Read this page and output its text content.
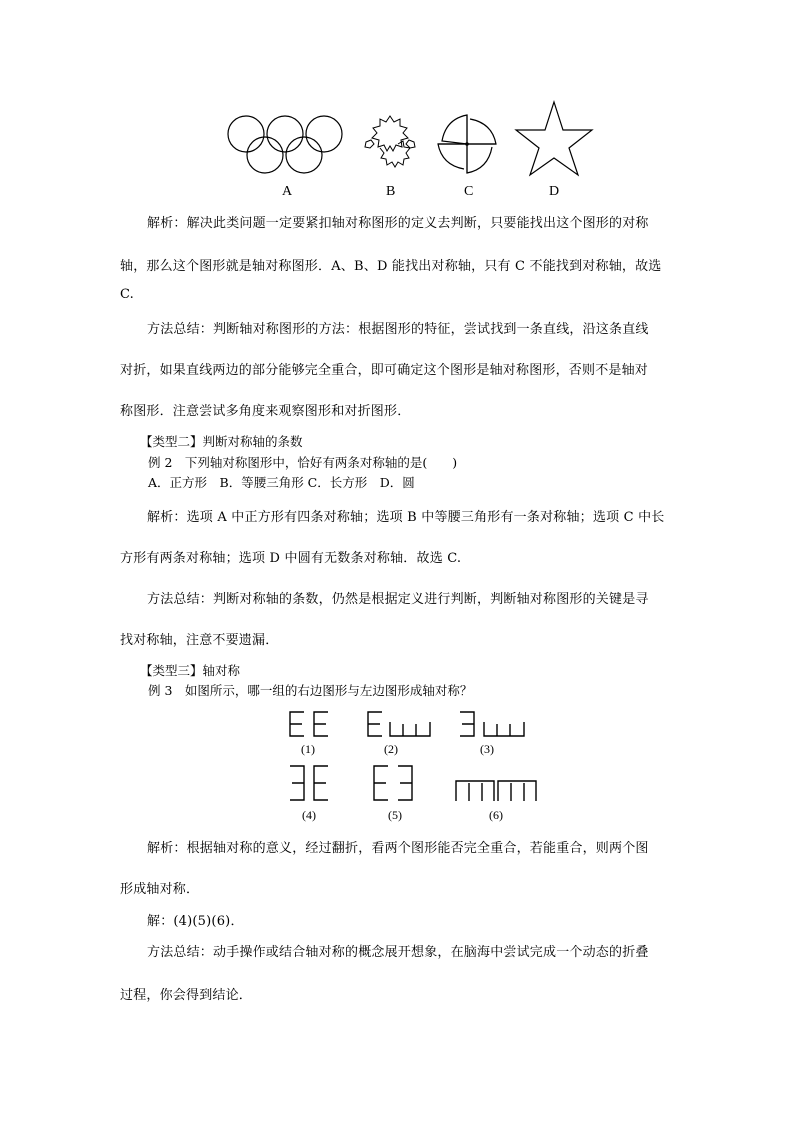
A	B	C	D
解析：解决此类问题一定要紧扣轴对称图形的定义去判断，只要能找出这个图形的对称
轴，那么这个图形就是轴对称图形．A、B、D 能找出对称轴，只有 C 不能找到对称轴，故选
C.
方法总结：判断轴对称图形的方法：根据图形的特征，尝试找到一条直线，沿这条直线
对折，如果直线两边的部分能够完全重合，即可确定这个图形是轴对称图形，否则不是轴对
称图形．注意尝试多角度来观察图形和对折图形．
【类型二】判断对称轴的条数
例 2　下列轴对称图形中，恰好有两条对称轴的是(　　)
A．正方形　B．等腰三角形 C．长方形　D．圆
解析：选项 A 中正方形有四条对称轴；选项 B 中等腰三角形有一条对称轴；选项 C 中长
方形有两条对称轴；选项 D 中圆有无数条对称轴．故选 C.
方法总结：判断对称轴的条数，仍然是根据定义进行判断，判断轴对称图形的关键是寻
找对称轴，注意不要遗漏．
【类型三】轴对称
例 3　如图所示，哪一组的右边图形与左边图形成轴对称？
(1)	(2)	(3)
(4)	(5)	(6)
解析：根据轴对称的意义，经过翻折，看两个图形能否完全重合，若能重合，则两个图
形成轴对称．
解：(4)(5)(6)．
方法总结：动手操作或结合轴对称的概念展开想象，在脑海中尝试完成一个动态的折叠
过程，你会得到结论．
